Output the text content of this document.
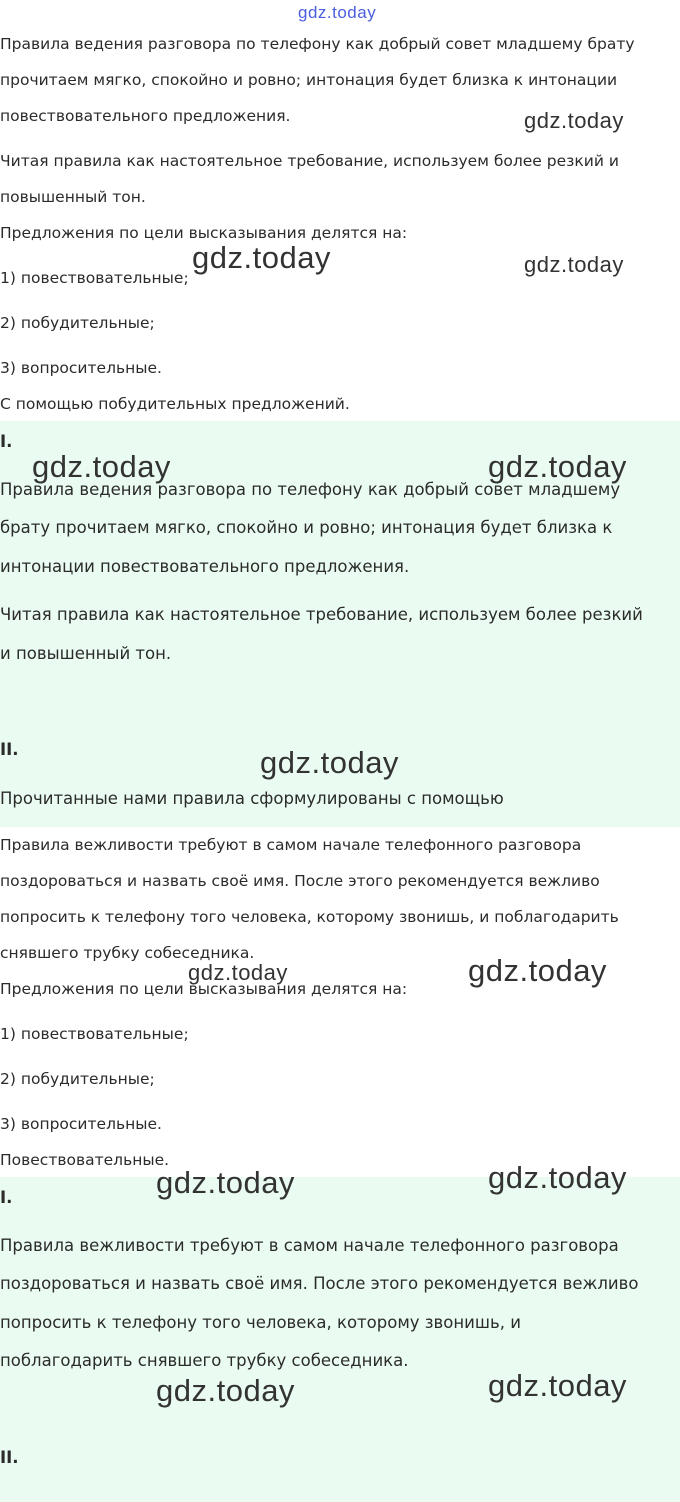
gdz.today
Правила ведения разговора по телефону как добрый совет младшему брату
прочитаем мягко, спокойно и ровно; интонация будет близка к интонации
повествовательного предложения.
Читая правила как настоятельное требование, используем более резкий и
повышенный тон.
Предложения по цели высказывания делятся на:
1) повествовательные;
2) побудительные;
3) вопросительные.
С помощью побудительных предложений.
I.
Правила ведения разговора по телефону как добрый совет младшему
брату прочитаем мягко, спокойно и ровно; интонация будет близка к
интонации повествовательного предложения.
Читая правила как настоятельное требование, используем более резкий
и повышенный тон.
II.
Прочитанные нами правила сформулированы с помощью
Правила вежливости требуют в самом начале телефонного разговора
поздороваться и назвать своё имя. После этого рекомендуется вежливо
попросить к телефону того человека, которому звонишь, и поблагодарить
снявшего трубку собеседника.
Предложения по цели высказывания делятся на:
1) повествовательные;
2) побудительные;
3) вопросительные.
Повествовательные.
I.
Правила вежливости требуют в самом начале телефонного разговора
поздороваться и назвать своё имя. После этого рекомендуется вежливо
попросить к телефону того человека, которому звонишь, и
поблагодарить снявшего трубку собеседника.
II.
gdz.today
gdz.today	gdz.today
gdz.today	gdz.today
gdz.today
gdz.today	gdz.today
gdz.today	gdz.today
gdz.today	gdz.today
